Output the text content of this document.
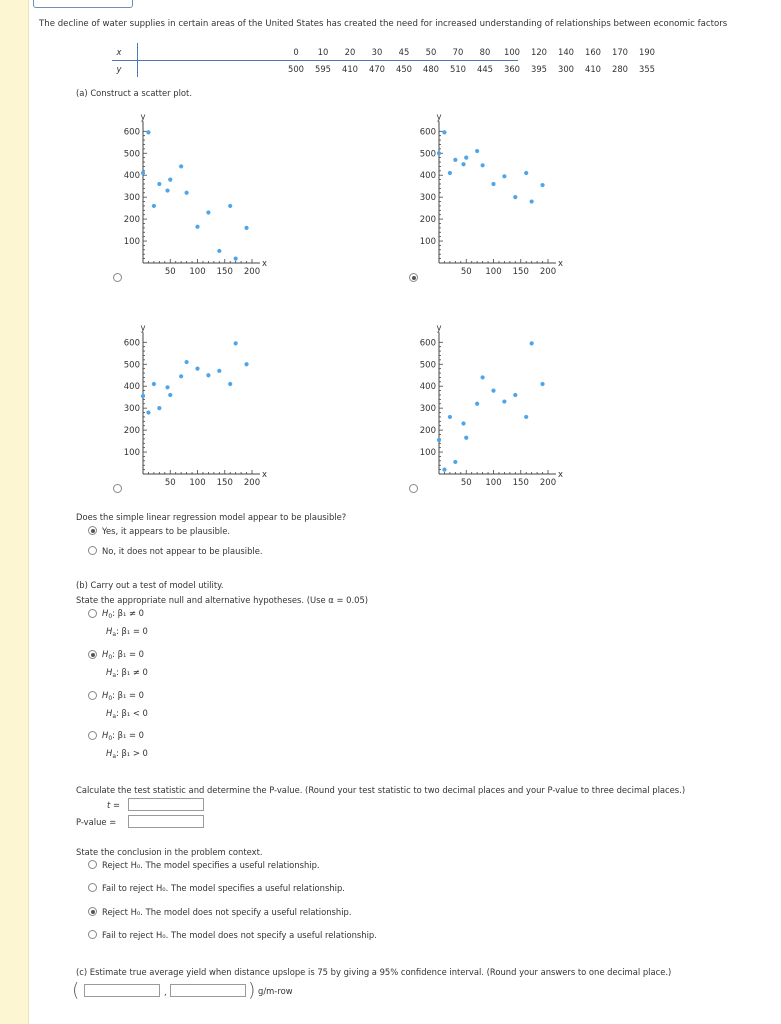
The decline of water supplies in certain areas of the United States has created the need for increased understanding of relationships between economic factors
x	0 10 20 30 45 50 70 80 100 120 140 160 170 190
y	500 595 410 470 450 480 510 445 360 395 300 410 280 355
(a) Construct a scatter plot.
50 100 150 200
100
200
300
400
500
600
x
y
50 100 150 200
100
200
300
400
500
600
x
y
50 100 150 200
100
200
300
400
500
600
x
y
50 100 150 200
100
200
300
400
500
600
x
y
Does the simple linear regression model appear to be plausible?
Yes, it appears to be plausible.
No, it does not appear to be plausible.
(b) Carry out a test of model utility.
State the appropriate null and alternative hypotheses. (Use α = 0.05)
$H_0$: β₁ ≠ 0
$H_a$: β₁ = 0
$H_0$: β₁ = 0
$H_a$: β₁ ≠ 0
$H_0$: β₁ = 0
$H_a$: β₁ < 0
$H_0$: β₁ = 0
$H_a$: β₁ > 0
Calculate the test statistic and determine the P-value. (Round your test statistic to two decimal places and your P-value to three decimal places.)
t =
P-value =
State the conclusion in the problem context.
Reject H₀. The model specifies a useful relationship.
Fail to reject H₀. The model specifies a useful relationship.
Reject H₀. The model does not specify a useful relationship.
Fail to reject H₀. The model does not specify a useful relationship.
(c) Estimate true average yield when distance upslope is 75 by giving a 95% confidence interval. (Round your answers to one decimal place.)
(	,	) g/m-row
